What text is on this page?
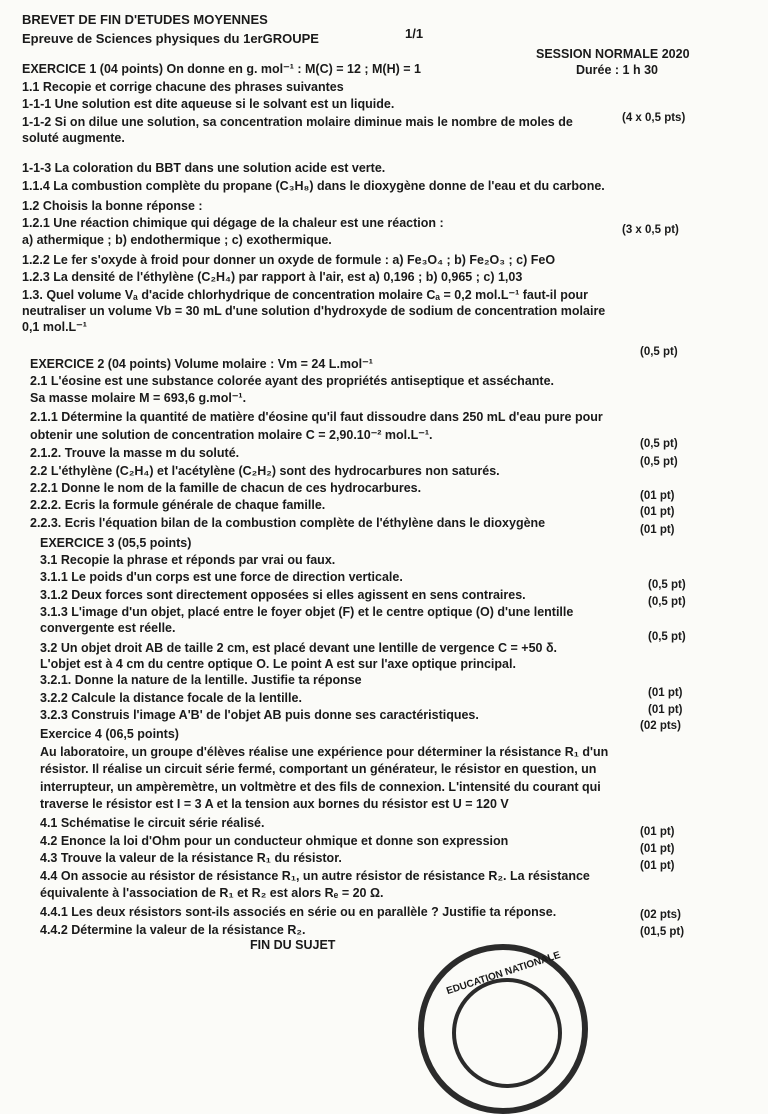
BREVET DE FIN D'ETUDES MOYENNES
Epreuve de Sciences physiques du 1erGROUPE	1/1
SESSION NORMALE 2020
Durée : 1 h 30
EXERCICE 1 (04 points) On donne en g. mol⁻¹ : M(C) = 12 ; M(H) = 1
1.1 Recopie et corrige chacune des phrases suivantes
1-1-1 Une solution est dite aqueuse si le solvant est un liquide.
1-1-2 Si on dilue une solution, sa concentration molaire diminue mais le nombre de moles de
soluté augmente.
1-1-3 La coloration du BBT dans une solution acide est verte.
1.1.4 La combustion complète du propane (C₃H₈) dans le dioxygène donne de l'eau et du carbone.
1.2 Choisis la bonne réponse :
1.2.1 Une réaction chimique qui dégage de la chaleur est une réaction :
a) athermique ; b) endothermique ; c) exothermique.
1.2.2 Le fer s'oxyde à froid pour donner un oxyde de formule : a) Fe₃O₄ ; b) Fe₂O₃ ; c) FeO
1.2.3 La densité de l'éthylène (C₂H₄) par rapport à l'air, est a) 0,196 ; b) 0,965 ; c) 1,03
1.3. Quel volume Vₐ d'acide chlorhydrique de concentration molaire Cₐ = 0,2 mol.L⁻¹ faut-il pour
neutraliser un volume Vb = 30 mL d'une solution d'hydroxyde de sodium de concentration molaire
0,1 mol.L⁻¹
EXERCICE 2 (04 points) Volume molaire : Vm = 24 L.mol⁻¹
2.1 L'éosine est une substance colorée ayant des propriétés antiseptique et asséchante.
Sa masse molaire M = 693,6 g.mol⁻¹.
2.1.1 Détermine la quantité de matière d'éosine qu'il faut dissoudre dans 250 mL d'eau pure pour
obtenir une solution de concentration molaire C = 2,90.10⁻² mol.L⁻¹.
2.1.2. Trouve la masse m du soluté.
2.2 L'éthylène (C₂H₄) et l'acétylène (C₂H₂) sont des hydrocarbures non saturés.
2.2.1 Donne le nom de la famille de chacun de ces hydrocarbures.
2.2.2. Ecris la formule générale de chaque famille.
2.2.3. Ecris l'équation bilan de la combustion complète de l'éthylène dans le dioxygène
EXERCICE 3 (05,5 points)
3.1 Recopie la phrase et réponds par vrai ou faux.
3.1.1 Le poids d'un corps est une force de direction verticale.
3.1.2 Deux forces sont directement opposées si elles agissent en sens contraires.
3.1.3 L'image d'un objet, placé entre le foyer objet (F) et le centre optique (O) d'une lentille
convergente est réelle.
3.2 Un objet droit AB de taille 2 cm, est placé devant une lentille de vergence C = +50 δ.
L'objet est à 4 cm du centre optique O. Le point A est sur l'axe optique principal.
3.2.1. Donne la nature de la lentille. Justifie ta réponse
3.2.2 Calcule la distance focale de la lentille.
3.2.3 Construis l'image A'B' de l'objet AB puis donne ses caractéristiques.
Exercice 4 (06,5 points)
Au laboratoire, un groupe d'élèves réalise une expérience pour déterminer la résistance R₁ d'un
résistor. Il réalise un circuit série fermé, comportant un générateur, le résistor en question, un
interrupteur, un ampèremètre, un voltmètre et des fils de connexion. L'intensité du courant qui
traverse le résistor est I = 3 A et la tension aux bornes du résistor est U = 120 V
4.1 Schématise le circuit série réalisé.
4.2 Enonce la loi d'Ohm pour un conducteur ohmique et donne son expression
4.3 Trouve la valeur de la résistance R₁ du résistor.
4.4 On associe au résistor de résistance R₁, un autre résistor de résistance R₂. La résistance
équivalente à l'association de R₁ et R₂ est alors Rₑ = 20 Ω.
4.4.1 Les deux résistors sont-ils associés en série ou en parallèle ? Justifie ta réponse.
4.4.2 Détermine la valeur de la résistance R₂.
FIN DU SUJET
(4 x 0,5 pts)
(3 x 0,5 pt)
(0,5 pt)
(0,5 pt)
(0,5 pt)
(01 pt)
(01 pt)
(01 pt)
(0,5 pt)
(0,5 pt)
(0,5 pt)
(01 pt)
(01 pt)
(02 pts)
(01 pt)
(01 pt)
(01 pt)
(02 pts)
(01,5 pt)
EDUCATION NATIONALE
